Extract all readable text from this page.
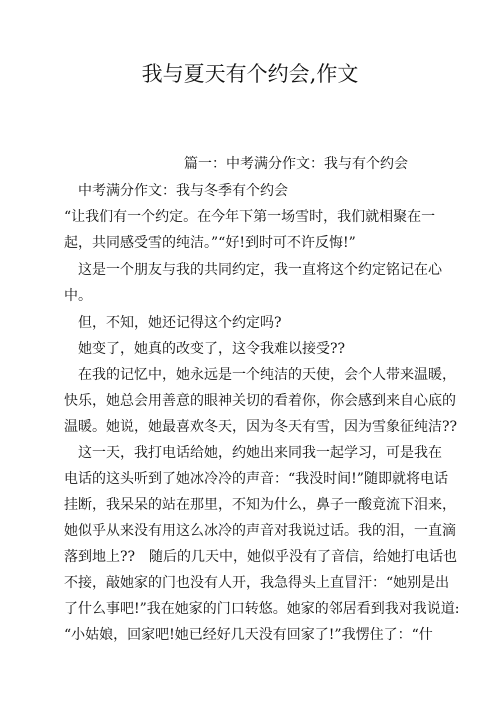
我与夏天有个约会,作文

篇一：中考满分作文：我与有个约会

中考满分作文：我与冬季有个约会

“让我们有一个约定。在今年下第一场雪时，我们就相聚在一

起，共同感受雪的纯洁。”“好!到时可不许反悔!”

这是一个朋友与我的共同约定，我一直将这个约定铭记在心

中。

但，不知，她还记得这个约定吗?

她变了，她真的改变了，这令我难以接受??

在我的记忆中，她永远是一个纯洁的天使，会个人带来温暖，

快乐，她总会用善意的眼神关切的看着你，你会感到来自心底的

温暖。她说，她最喜欢冬天，因为冬天有雪，因为雪象征纯洁??

这一天，我打电话给她，约她出来同我一起学习，可是我在

电话的这头听到了她冰冷冷的声音：“我没时间!”随即就将电话

挂断，我呆呆的站在那里，不知为什么，鼻子一酸竟流下泪来，

她似乎从来没有用这么冰冷的声音对我说过话。我的泪，一直滴

落到地上??　随后的几天中，她似乎没有了音信，给她打电话也

不接，敲她家的门也没有人开，我急得头上直冒汗：“她别是出

了什么事吧!”我在她家的门口转悠。她家的邻居看到我对我说道:

“小姑娘，回家吧!她已经好几天没有回家了!”我愣住了：“什
